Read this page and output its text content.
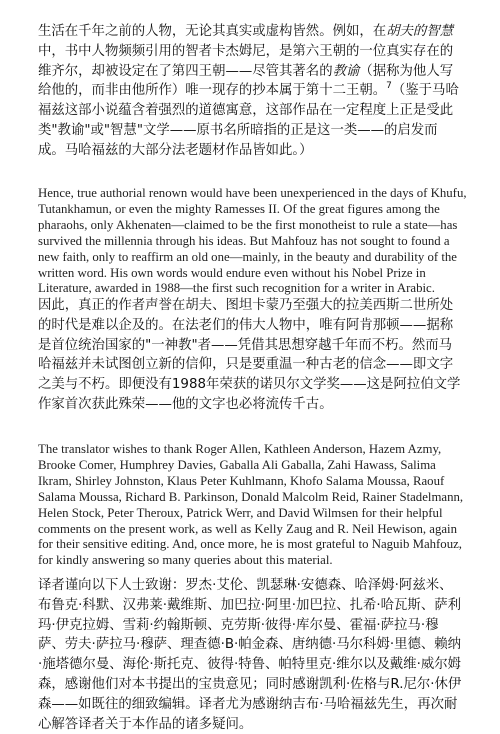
生活在千年之前的人物，无论其真实或虚构皆然。例如，在胡夫的智慧中，书中人物频频引用的智者卡杰姆尼，是第六王朝的一位真实存在的维齐尔，却被设定在了第四王朝——尽管其著名的教谕（据称为他人写给他的，而非由他所作）唯一现存的抄本属于第十二王朝。$^7$（鉴于马哈福兹这部小说蕴含着强烈的道德寓意，这部作品在一定程度上正是受此类"教谕"或"智慧"文学——原书名所暗指的正是这一类——的启发而成。马哈福兹的大部分法老题材作品皆如此。）

Hence, true authorial renown would have been unexperienced in the days of Khufu, Tutankhamun, or even the mighty Ramesses II. Of the great figures among the pharaohs, only Akhenaten—claimed to be the first monotheist to rule a state—has survived the millennia through his ideas. But Mahfouz has not sought to found a new faith, only to reaffirm an old one—mainly, in the beauty and durability of the written word. His own words would endure even without his Nobel Prize in Literature, awarded in 1988—the first such recognition for a writer in Arabic.

因此，真正的作者声誉在胡夫、图坦卡蒙乃至强大的拉美西斯二世所处的时代是难以企及的。在法老们的伟大人物中，唯有阿肯那顿——据称是首位统治国家的"一神教"者——凭借其思想穿越千年而不朽。然而马哈福兹并未试图创立新的信仰，只是要重温一种古老的信念——即文字之美与不朽。即便没有1988年荣获的诺贝尔文学奖——这是阿拉伯文学作家首次获此殊荣——他的文字也必将流传千古。

The translator wishes to thank Roger Allen, Kathleen Anderson, Hazem Azmy, Brooke Comer, Humphrey Davies, Gaballa Ali Gaballa, Zahi Hawass, Salima Ikram, Shirley Johnston, Klaus Peter Kuhlmann, Khofo Salama Moussa, Raouf Salama Moussa, Richard B. Parkinson, Donald Malcolm Reid, Rainer Stadelmann, Helen Stock, Peter Theroux, Patrick Werr, and David Wilmsen for their helpful comments on the present work, as well as Kelly Zaug and R. Neil Hewison, again for their sensitive editing. And, once more, he is most grateful to Naguib Mahfouz, for kindly answering so many queries about this material.

译者谨向以下人士致谢：罗杰·艾伦、凯瑟琳·安德森、哈泽姆·阿兹米、布鲁克·科默、汉弗莱·戴维斯、加巴拉·阿里·加巴拉、扎希·哈瓦斯、萨利玛·伊克拉姆、雪莉·约翰斯顿、克劳斯·彼得·库尔曼、霍福·萨拉马·穆萨、劳夫·萨拉马·穆萨、理查德·B·帕金森、唐纳德·马尔科姆·里德、赖纳·施塔德尔曼、海伦·斯托克、彼得·特鲁、帕特里克·维尔以及戴维·威尔姆森，感谢他们对本书提出的宝贵意见；同时感谢凯利·佐格与R.尼尔·休伊森——如既往的细致编辑。译者尤为感谢纳吉布·马哈福兹先生，再次耐心解答译者关于本作品的诸多疑问。
